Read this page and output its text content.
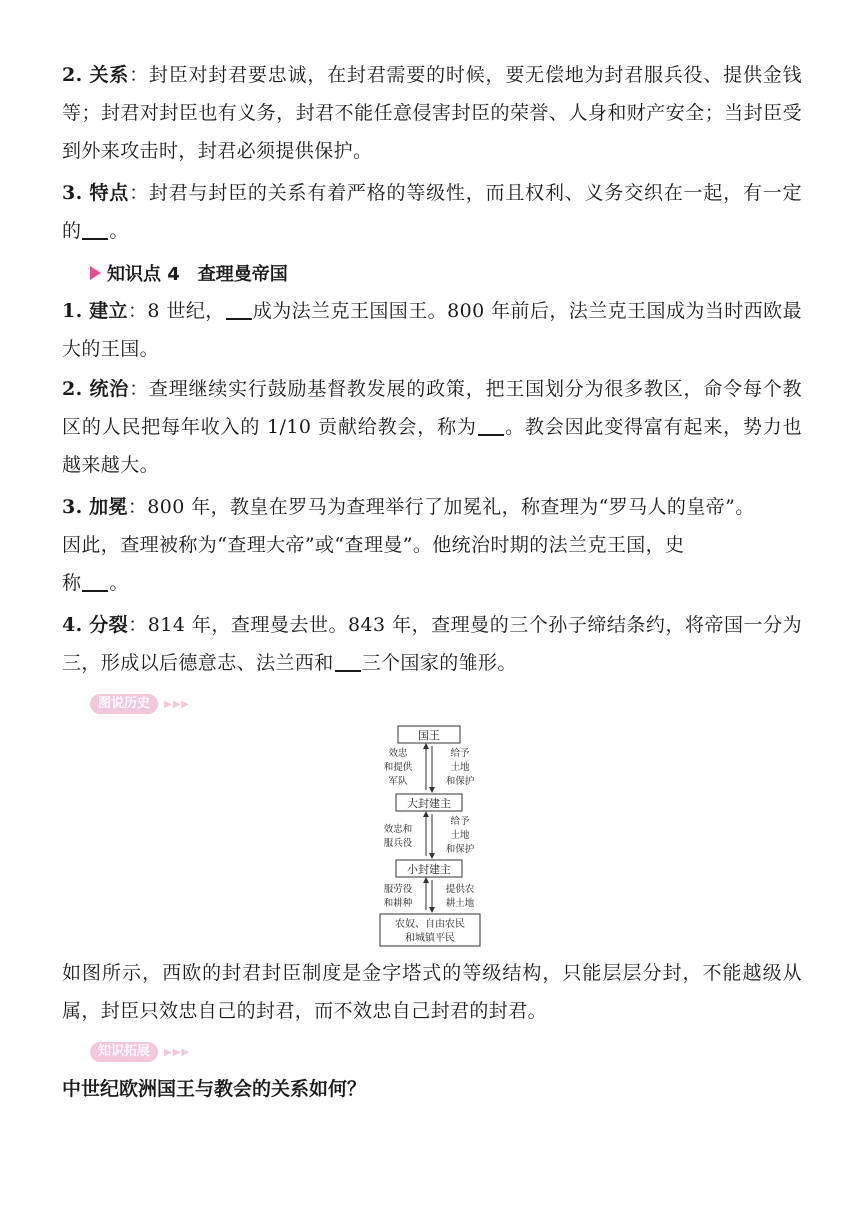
2. 关系：封臣对封君要忠诚，在封君需要的时候，要无偿地为封君服兵役、提供金钱等；封君对封臣也有义务，封君不能任意侵害封臣的荣誉、人身和财产安全；当封臣受到外来攻击时，封君必须提供保护。
3. 特点：封君与封臣的关系有着严格的等级性，而且权利、义务交织在一起，有一定的 。
知识点 4　查理曼帝国
1. 建立：8 世纪， 成为法兰克王国国王。800 年前后，法兰克王国成为当时西欧最大的王国。
2. 统治：查理继续实行鼓励基督教发展的政策，把王国划分为很多教区，命令每个教区的人民把每年收入的 1/10 贡献给教会，称为 。教会因此变得富有起来，势力也越来越大。
3. 加冕：800 年，教皇在罗马为查理举行了加冕礼，称查理为“罗马人的皇帝”。
因此，查理被称为“查理大帝”或“查理曼”。他统治时期的法兰克王国，史
称 。
4. 分裂：814 年，查理曼去世。843 年，查理曼的三个孙子缔结条约，将帝国一分为三，形成以后德意志、法兰西和 三个国家的雏形。
图说历史	▶▶▶
国王
效忠
和提供
军队
给予
土地
和保护
大封建主
效忠和
服兵役
给予
土地
和保护
小封建主
服劳役
和耕种
提供农
耕土地
农奴、自由农民
和城镇平民
如图所示，西欧的封君封臣制度是金字塔式的等级结构，只能层层分封，不能越级从属，封臣只效忠自己的封君，而不效忠自己封君的封君。
知识拓展	▶▶▶
中世纪欧洲国王与教会的关系如何？
